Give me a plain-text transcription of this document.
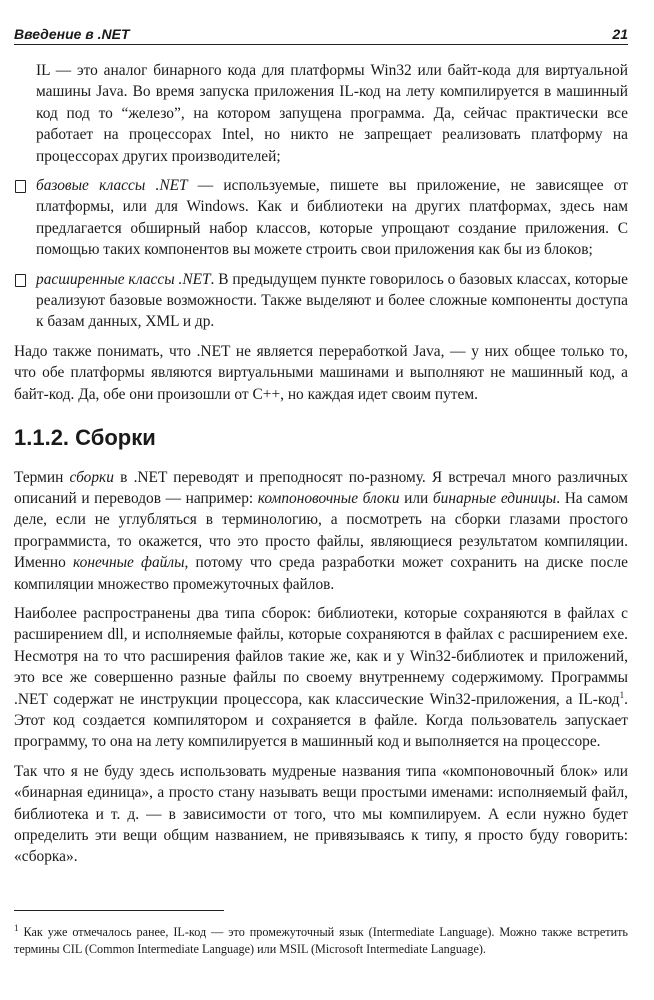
Введение в .NET	21

IL — это аналог бинарного кода для платформы Win32 или байт-кода для виртуальной машины Java. Во время запуска приложения IL-код на лету компилируется в машинный код под то “железо”, на котором запущена программа. Да, сейчас практически все работает на процессорах Intel, но никто не запрещает реализовать платформу на процессорах других производителей;

базовые классы .NET — используемые, пишете вы приложение, не зависящее от платформы, или для Windows. Как и библиотеки на других платформах, здесь нам предлагается обширный набор классов, которые упрощают создание приложения. С помощью таких компонентов вы можете строить свои приложения как бы из блоков;
расширенные классы .NET. В предыдущем пункте говорилось о базовых классах, которые реализуют базовые возможности. Также выделяют и более сложные компоненты доступа к базам данных, XML и др.

Надо также понимать, что .NET не является переработкой Java, — у них общее только то, что обе платформы являются виртуальными машинами и выполняют не машинный код, а байт-код. Да, обе они произошли от C++, но каждая идет своим путем.

1.1.2. Сборки

Термин сборки в .NET переводят и преподносят по-разному. Я встречал много различных описаний и переводов — например: компоновочные блоки или бинарные единицы. На самом деле, если не углубляться в терминологию, а посмотреть на сборки глазами простого программиста, то окажется, что это просто файлы, являющиеся результатом компиляции. Именно конечные файлы, потому что среда разработки может сохранить на диске после компиляции множество промежуточных файлов.

Наиболее распространены два типа сборок: библиотеки, которые сохраняются в файлах с расширением dll, и исполняемые файлы, которые сохраняются в файлах с расширением exe. Несмотря на то что расширения файлов такие же, как и у Win32-библиотек и приложений, это все же совершенно разные файлы по своему внутреннему содержимому. Программы .NET содержат не инструкции процессора, как классические Win32-приложения, а IL-код$^1$. Этот код создается компилятором и сохраняется в файле. Когда пользователь запускает программу, то она на лету компилируется в машинный код и выполняется на процессоре.

Так что я не буду здесь использовать мудреные названия типа «компоновочный блок» или «бинарная единица», а просто стану называть вещи простыми именами: исполняемый файл, библиотека и т. д. — в зависимости от того, что мы компилируем. А если нужно будет определить эти вещи общим названием, не привязываясь к типу, я просто буду говорить: «сборка».

$^1$ Как уже отмечалось ранее, IL-код — это промежуточный язык (Intermediate Language). Можно также встретить термины CIL (Common Intermediate Language) или MSIL (Microsoft Intermediate Language).
